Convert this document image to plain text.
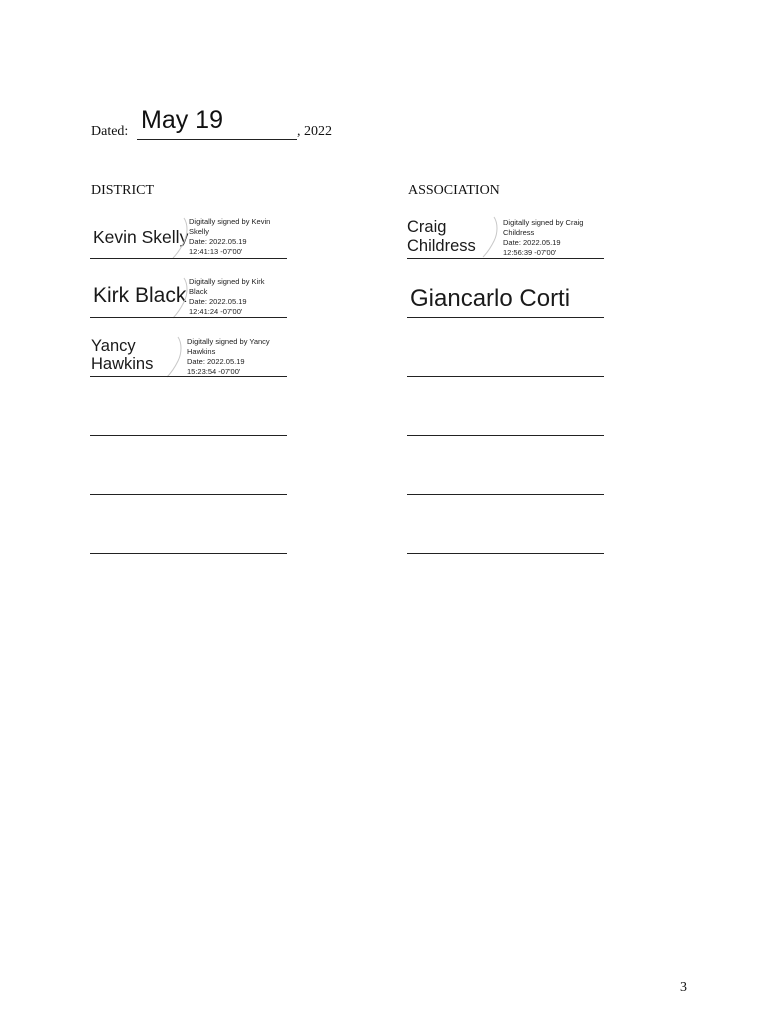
Dated: May 19	, 2022
DISTRICT	ASSOCIATION
Kevin Skelly
Digitally signed by Kevin
Skelly
Date: 2022.05.19
12:41:13 -07'00'
Kirk Black
Digitally signed by Kirk
Black
Date: 2022.05.19
12:41:24 -07'00'
Yancy
Hawkins
Digitally signed by Yancy
Hawkins
Date: 2022.05.19
15:23:54 -07'00'
Craig
Childress
Digitally signed by Craig
Childress
Date: 2022.05.19
12:56:39 -07'00'
Giancarlo Corti
3
